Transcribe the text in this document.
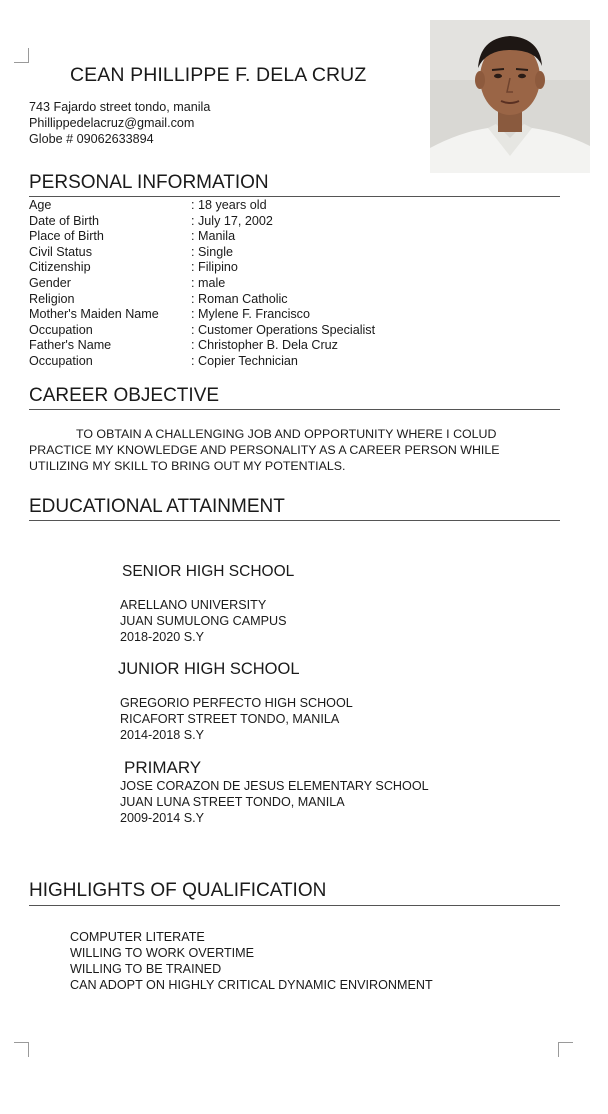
CEAN PHILLIPPE F. DELA CRUZ
743 Fajardo street tondo, manila
Phillippedelacruz@gmail.com
Globe # 09062633894
PERSONAL INFORMATION
Age	: 18 years old
Date of Birth	: July 17, 2002
Place of Birth	: Manila
Civil Status	: Single
Citizenship	: Filipino
Gender	: male
Religion	: Roman Catholic
Mother's Maiden Name	: Mylene F. Francisco
Occupation	: Customer Operations Specialist
Father's Name	: Christopher B. Dela Cruz
Occupation	: Copier Technician
CAREER OBJECTIVE
TO OBTAIN A CHALLENGING JOB AND OPPORTUNITY WHERE I COLUD PRACTICE MY KNOWLEDGE AND PERSONALITY AS A CAREER PERSON WHILE UTILIZING MY SKILL TO BRING OUT MY POTENTIALS.
EDUCATIONAL ATTAINMENT
SENIOR HIGH SCHOOL
ARELLANO UNIVERSITY
JUAN SUMULONG CAMPUS
2018-2020 S.Y
JUNIOR HIGH SCHOOL
GREGORIO PERFECTO HIGH SCHOOL
RICAFORT STREET TONDO, MANILA
2014-2018 S.Y
PRIMARY
JOSE CORAZON DE JESUS ELEMENTARY SCHOOL
JUAN LUNA STREET TONDO, MANILA
2009-2014 S.Y
HIGHLIGHTS OF QUALIFICATION
COMPUTER LITERATE
WILLING TO WORK OVERTIME
WILLING TO BE TRAINED
CAN ADOPT ON HIGHLY CRITICAL DYNAMIC ENVIRONMENT
